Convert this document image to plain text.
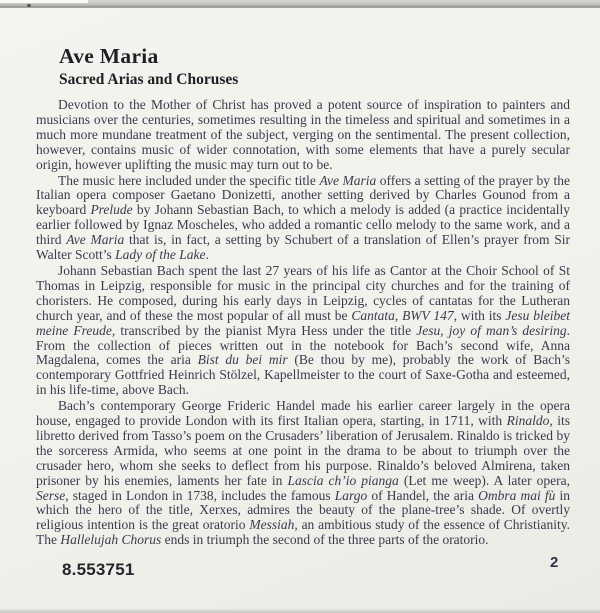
Ave Maria
Sacred Arias and Choruses

Devotion to the Mother of Christ has proved a potent source of inspiration to painters and musicians over the centuries, sometimes resulting in the timeless and spiritual and sometimes in a much more mundane treatment of the subject, verging on the sentimental. The present collection, however, contains music of wider connotation, with some elements that have a purely secular origin, however uplifting the music may turn out to be.

The music here included under the specific title Ave Maria offers a setting of the prayer by the Italian opera composer Gaetano Donizetti, another setting derived by Charles Gounod from a keyboard Prelude by Johann Sebastian Bach, to which a melody is added (a practice incidentally earlier followed by Ignaz Moscheles, who added a romantic cello melody to the same work, and a third Ave Maria that is, in fact, a setting by Schubert of a translation of Ellen’s prayer from Sir Walter Scott’s Lady of the Lake.

Johann Sebastian Bach spent the last 27 years of his life as Cantor at the Choir School of St Thomas in Leipzig, responsible for music in the principal city churches and for the training of choristers. He composed, during his early days in Leipzig, cycles of cantatas for the Lutheran church year, and of these the most popular of all must be Cantata, BWV 147, with its Jesu bleibet meine Freude, transcribed by the pianist Myra Hess under the title Jesu, joy of man’s desiring. From the collection of pieces written out in the notebook for Bach’s second wife, Anna Magdalena, comes the aria Bist du bei mir (Be thou by me), probably the work of Bach’s contemporary Gottfried Heinrich Stölzel, Kapellmeister to the court of Saxe-Gotha and esteemed, in his life-time, above Bach.

Bach’s contemporary George Frideric Handel made his earlier career largely in the opera house, engaged to provide London with its first Italian opera, starting, in 1711, with Rinaldo, its libretto derived from Tasso’s poem on the Crusaders’ liberation of Jerusalem. Rinaldo is tricked by the sorceress Armida, who seems at one point in the drama to be about to triumph over the crusader hero, whom she seeks to deflect from his purpose. Rinaldo’s beloved Almirena, taken prisoner by his enemies, laments her fate in Lascia ch’io pianga (Let me weep). A later opera, Serse, staged in London in 1738, includes the famous Largo of Handel, the aria Ombra mai fù in which the hero of the title, Xerxes, admires the beauty of the plane-tree’s shade. Of overtly religious intention is the great oratorio Messiah, an ambitious study of the essence of Christianity. The Hallelujah Chorus ends in triumph the second of the three parts of the oratorio.

8.553751	2
